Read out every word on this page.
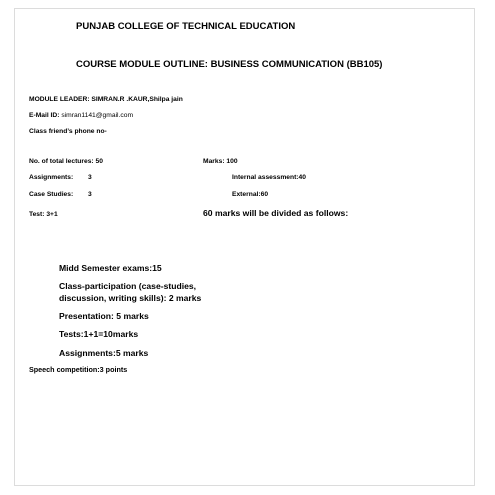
PUNJAB COLLEGE OF TECHNICAL EDUCATION
COURSE MODULE OUTLINE: BUSINESS COMMUNICATION (BB105)
MODULE LEADER: SIMRAN.R .KAUR,Shilpa jain
E-Mail ID: simran1141@gmail.com
Class friend’s phone no-
No. of total lectures: 50	Marks: 100
Assignments: 3	Internal assessment:40
Case Studies: 3	External:60
Test: 3+1	60 marks will be divided as follows:
Midd Semester exams:15
Class-participation (case-studies,
discussion, writing skills): 2 marks
Presentation: 5 marks
Tests:1+1=10marks
Assignments:5 marks
Speech competition:3 points
